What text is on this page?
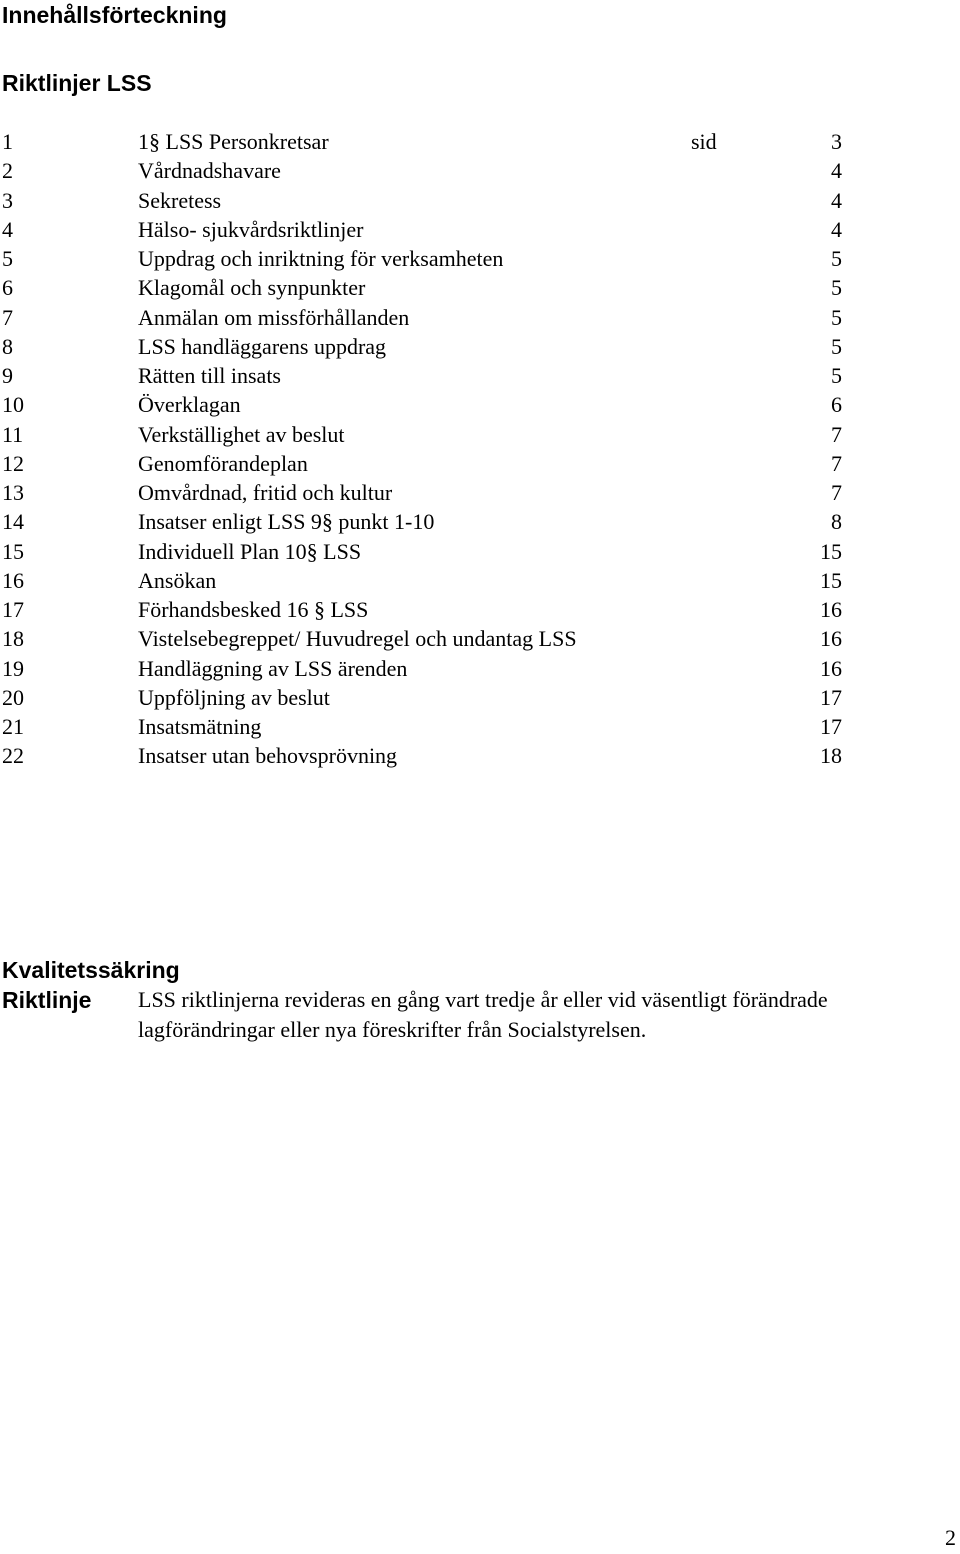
Innehållsförteckning
Riktlinjer LSS
1	1§ LSS Personkretsar	sid	3
2	Vårdnadshavare	4
3	Sekretess	4
4	Hälso- sjukvårdsriktlinjer	4
5	Uppdrag och inriktning för verksamheten	5
6	Klagomål och synpunkter	5
7	Anmälan om missförhållanden	5
8	LSS handläggarens uppdrag	5
9	Rätten till insats	5
10	Överklagan	6
11	Verkställighet av beslut	7
12	Genomförandeplan	7
13	Omvårdnad, fritid och kultur	7
14	Insatser enligt LSS 9§ punkt 1-10	8
15	Individuell Plan 10§ LSS	15
16	Ansökan	15
17	Förhandsbesked 16 § LSS	16
18	Vistelsebegreppet/ Huvudregel och undantag LSS	16
19	Handläggning av LSS ärenden	16
20	Uppföljning av beslut	17
21	Insatsmätning	17
22	Insatser utan behovsprövning	18
Kvalitetssäkring
Riktlinje LSS riktlinjerna revideras en gång vart tredje år eller vid väsentligt förändrade lagförändringar eller nya föreskrifter från Socialstyrelsen.
2
